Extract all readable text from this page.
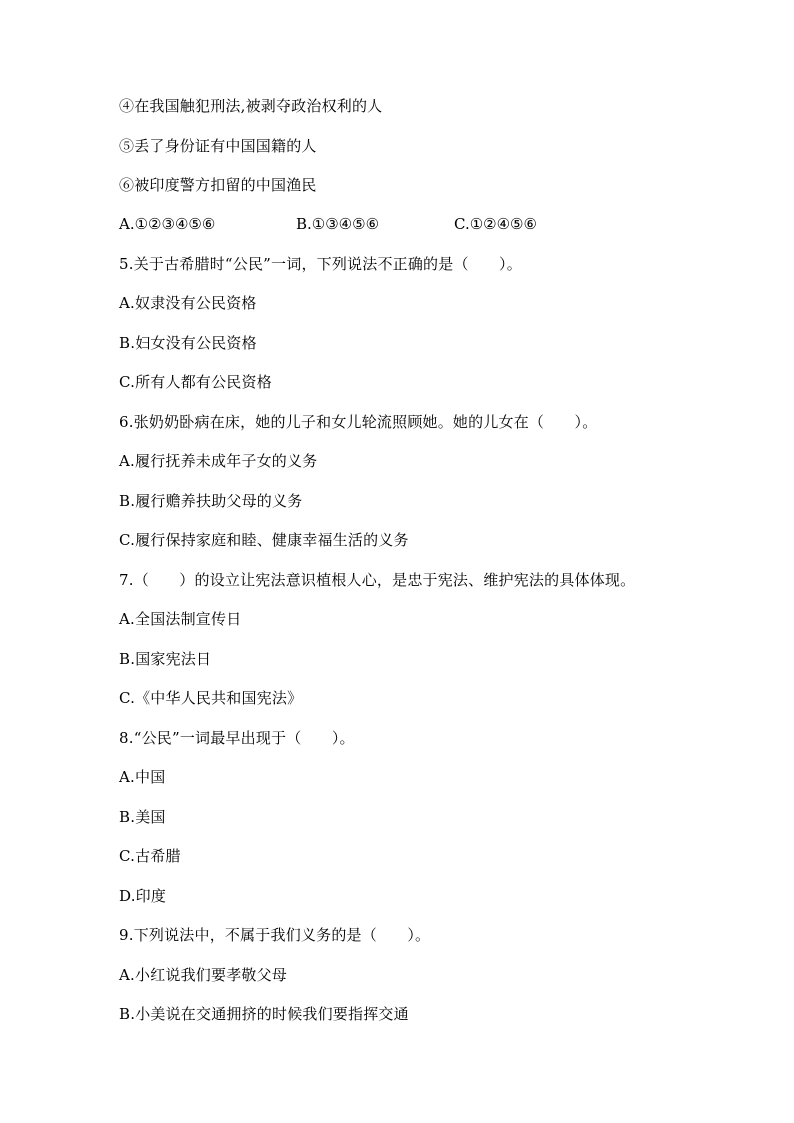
④在我国触犯刑法,被剥夺政治权利的人
⑤丢了身份证有中国国籍的人
⑥被印度警方扣留的中国渔民
A.①②③④⑤⑥	B.①③④⑤⑥	C.①②④⑤⑥
5.关于古希腊时“公民”一词，下列说法不正确的是（　　）。
A.奴隶没有公民资格
B.妇女没有公民资格
C.所有人都有公民资格
6.张奶奶卧病在床，她的儿子和女儿轮流照顾她。她的儿女在（　　）。
A.履行抚养未成年子女的义务
B.履行赡养扶助父母的义务
C.履行保持家庭和睦、健康幸福生活的义务
7.（　　）的设立让宪法意识植根人心，是忠于宪法、维护宪法的具体体现。
A.全国法制宣传日
B.国家宪法日
C.《中华人民共和国宪法》
8.“公民”一词最早出现于（　　）。
A.中国
B.美国
C.古希腊
D.印度
9.下列说法中，不属于我们义务的是（　　）。
A.小红说我们要孝敬父母
B.小美说在交通拥挤的时候我们要指挥交通
